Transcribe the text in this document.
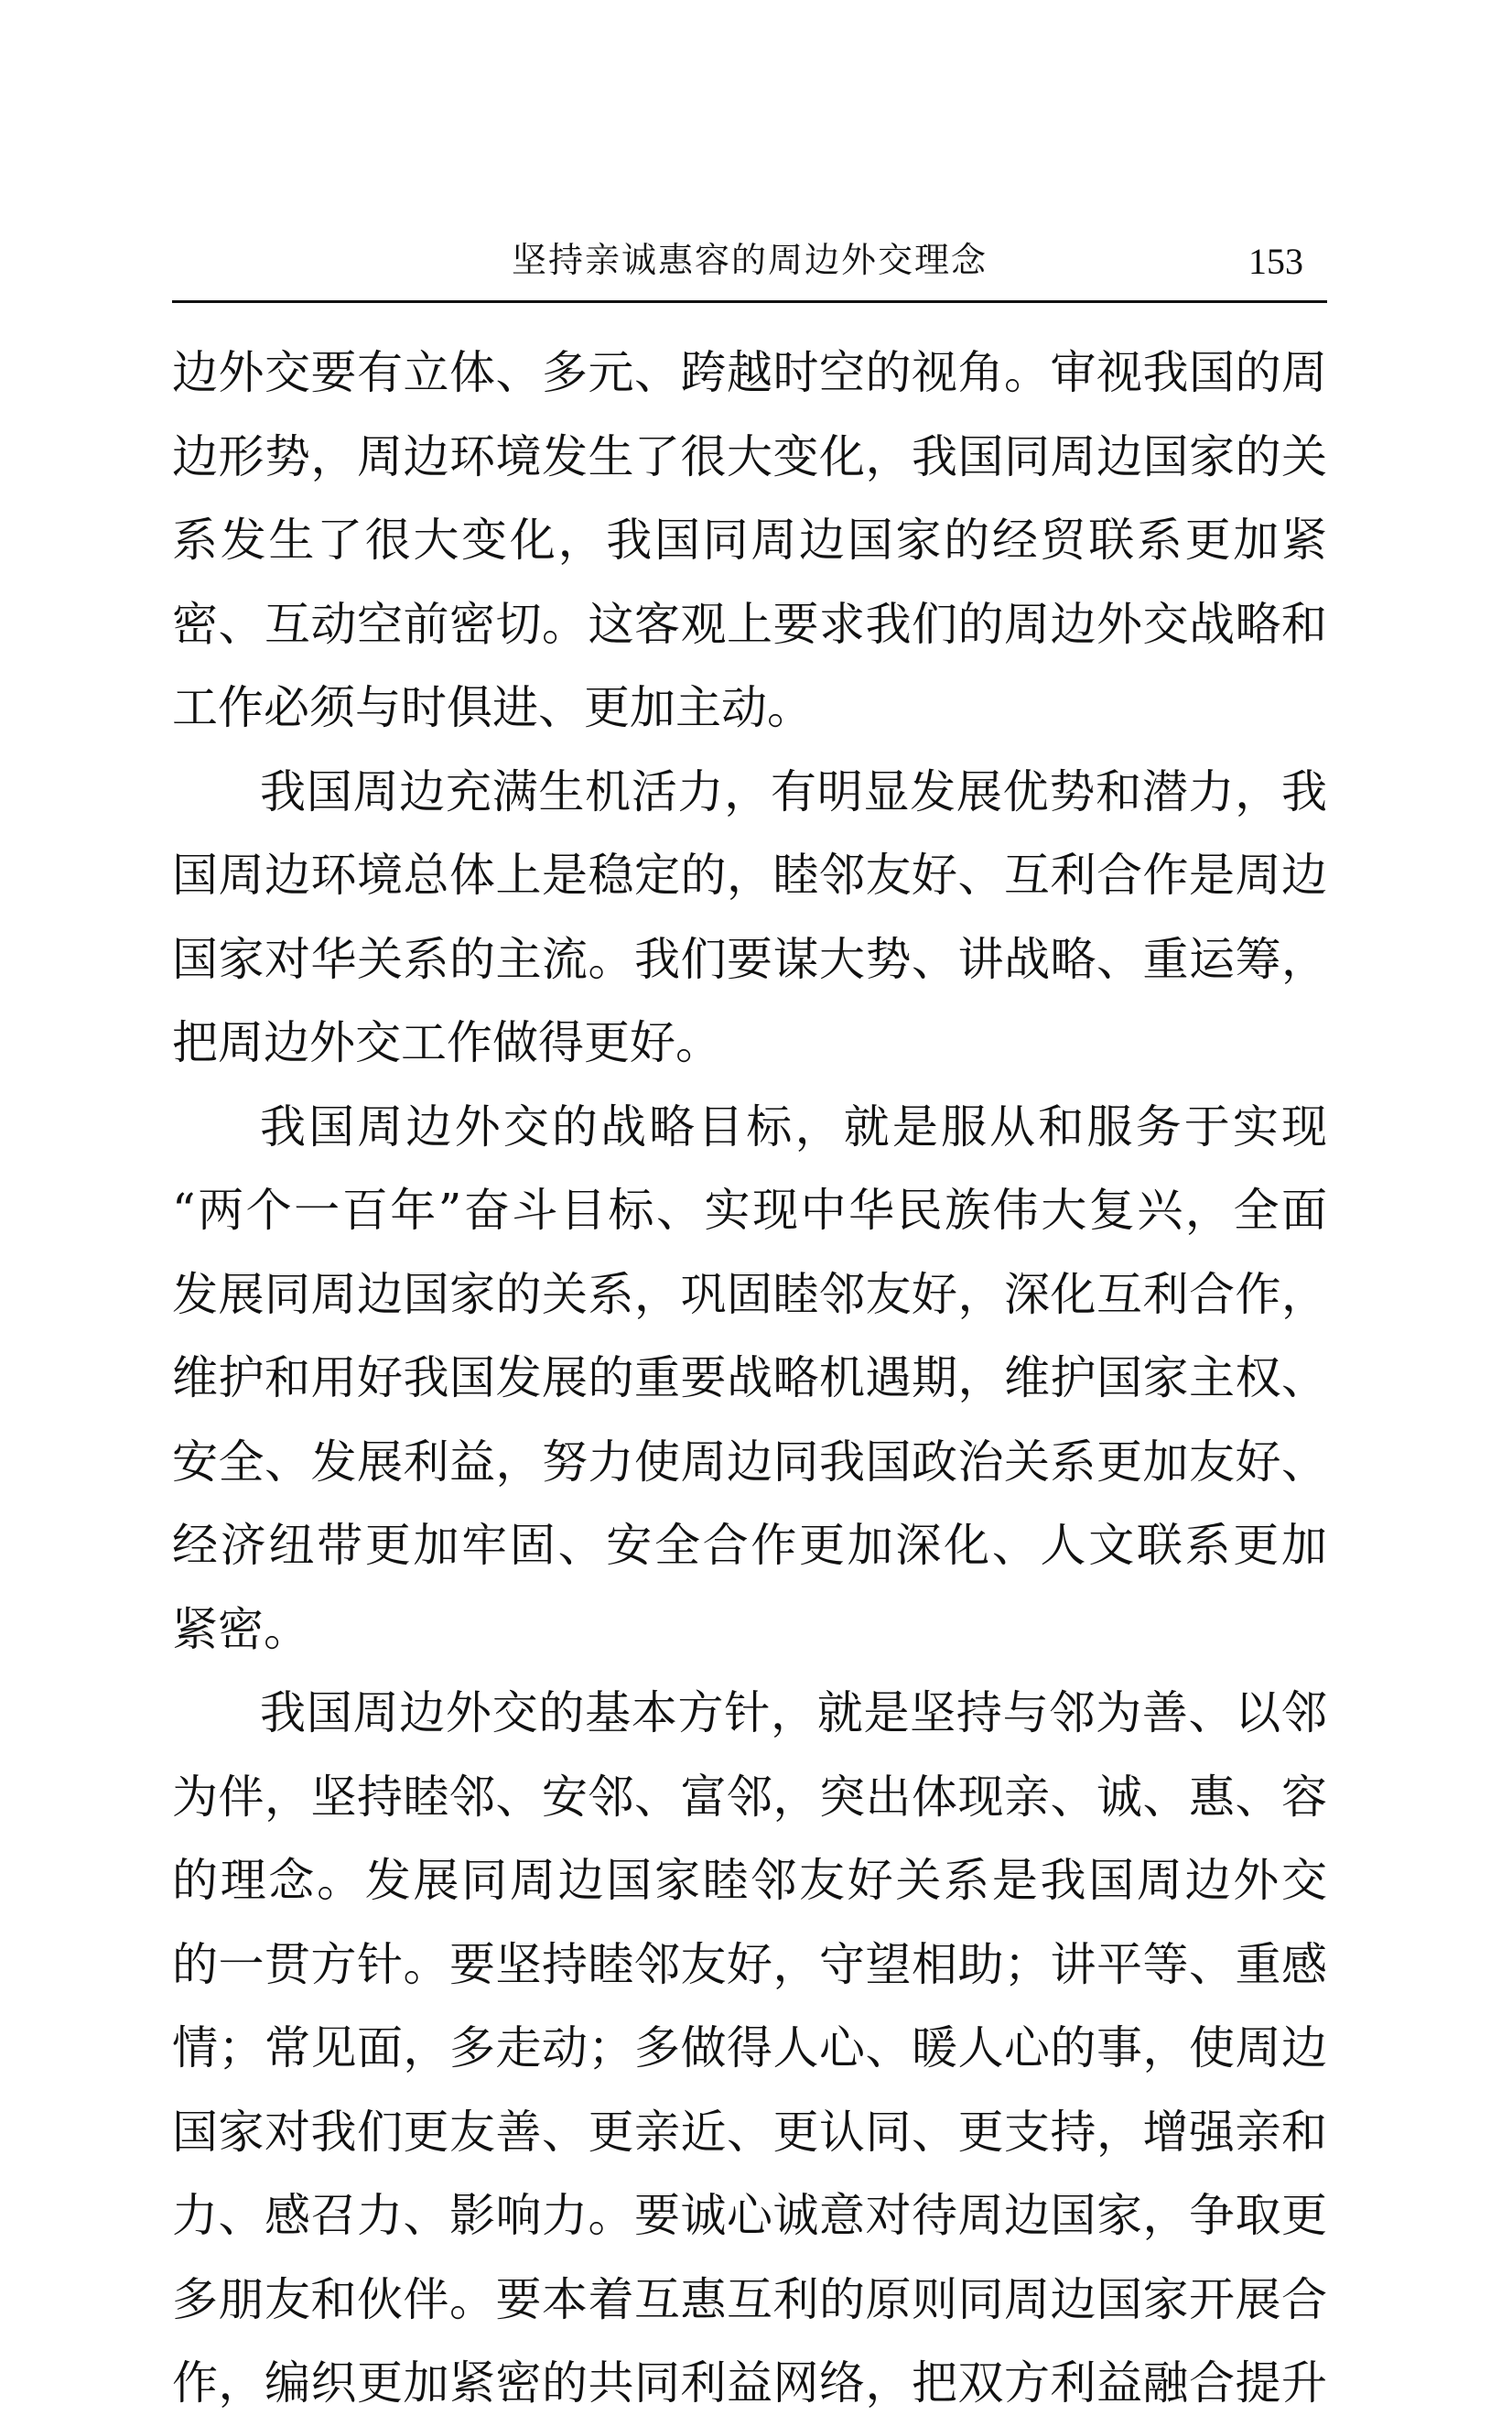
坚持亲诚惠容的周边外交理念	153
边外交要有立体、多元、跨越时空的视角。审视我国的周
边形势，周边环境发生了很大变化，我国同周边国家的关
系发生了很大变化，我国同周边国家的经贸联系更加紧
密、互动空前密切。这客观上要求我们的周边外交战略和
工作必须与时俱进、更加主动。
我国周边充满生机活力，有明显发展优势和潜力，我
国周边环境总体上是稳定的，睦邻友好、互利合作是周边
国家对华关系的主流。我们要谋大势、讲战略、重运筹，
把周边外交工作做得更好。
我国周边外交的战略目标，就是服从和服务于实现
“两个一百年”奋斗目标、实现中华民族伟大复兴，全面
发展同周边国家的关系，巩固睦邻友好，深化互利合作，
维护和用好我国发展的重要战略机遇期，维护国家主权、
安全、发展利益，努力使周边同我国政治关系更加友好、
经济纽带更加牢固、安全合作更加深化、人文联系更加
紧密。
我国周边外交的基本方针，就是坚持与邻为善、以邻
为伴，坚持睦邻、安邻、富邻，突出体现亲、诚、惠、容
的理念。发展同周边国家睦邻友好关系是我国周边外交
的一贯方针。要坚持睦邻友好，守望相助；讲平等、重感
情；常见面，多走动；多做得人心、暖人心的事，使周边
国家对我们更友善、更亲近、更认同、更支持，增强亲和
力、感召力、影响力。要诚心诚意对待周边国家，争取更
多朋友和伙伴。要本着互惠互利的原则同周边国家开展合
作，编织更加紧密的共同利益网络，把双方利益融合提升
